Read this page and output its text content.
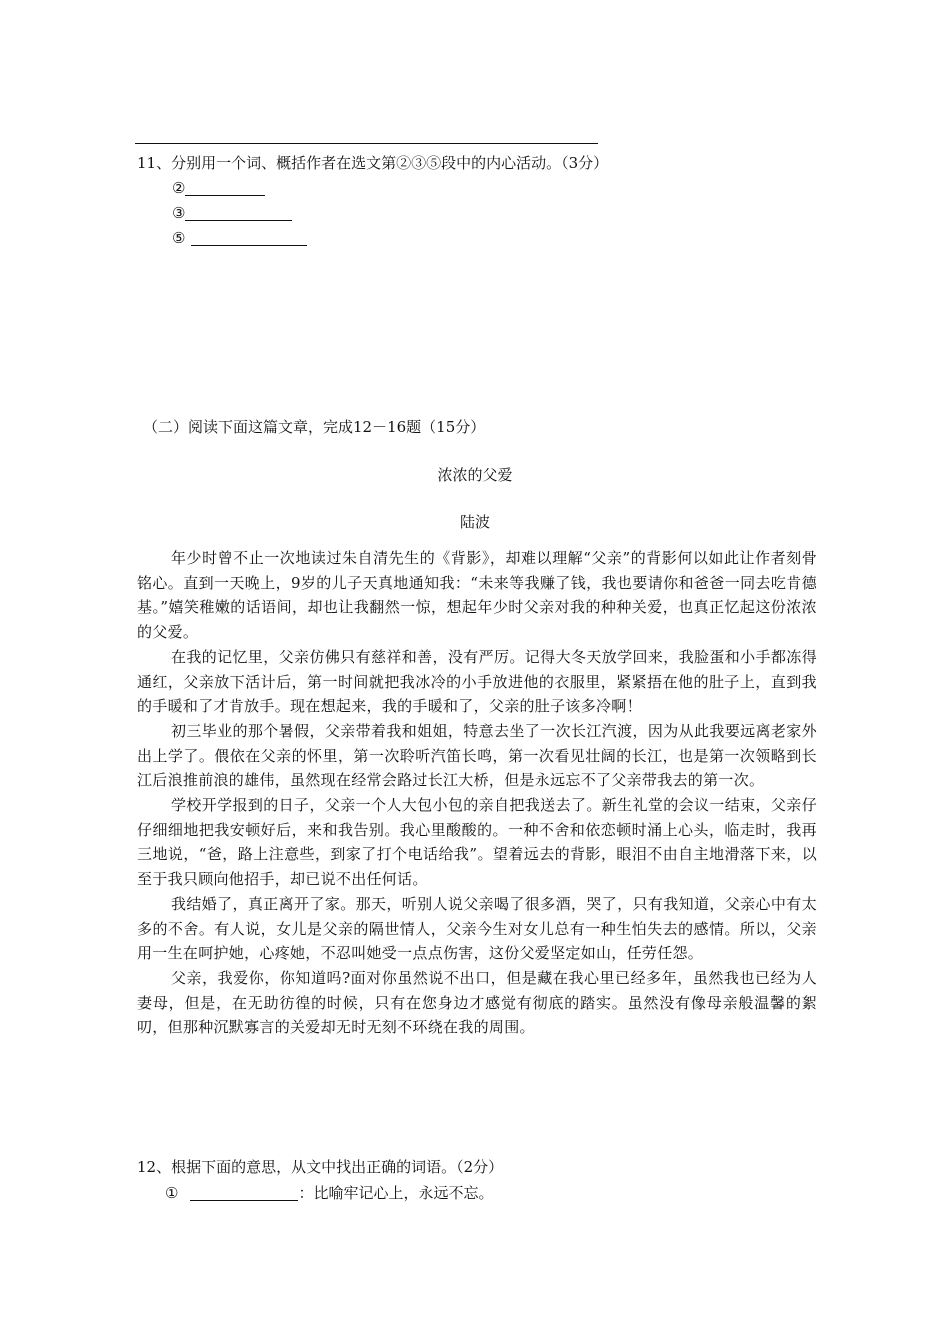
11、分别用一个词、概括作者在选文第②③⑤段中的内心活动。（3分）
②
③
⑤
（二）阅读下面这篇文章，完成12－16题（15分）
浓浓的父爱
陆波

年少时曾不止一次地读过朱自清先生的《背影》，却难以理解“父亲”的背影何以如此让作者刻骨铭心。直到一天晚上，9岁的儿子天真地通知我：“未来等我赚了钱，我也要请你和爸爸一同去吃肯德基。”嬉笑稚嫩的话语间，却也让我翻然一惊，想起年少时父亲对我的种种关爱，也真正忆起这份浓浓的父爱。

在我的记忆里，父亲仿佛只有慈祥和善，没有严厉。记得大冬天放学回来，我脸蛋和小手都冻得通红，父亲放下活计后，第一时间就把我冰冷的小手放进他的衣服里，紧紧捂在他的肚子上，直到我的手暖和了才肯放手。现在想起来，我的手暖和了，父亲的肚子该多冷啊！

初三毕业的那个暑假，父亲带着我和姐姐，特意去坐了一次长江汽渡，因为从此我要远离老家外出上学了。偎依在父亲的怀里，第一次聆听汽笛长鸣，第一次看见壮阔的长江，也是第一次领略到长江后浪推前浪的雄伟，虽然现在经常会路过长江大桥，但是永远忘不了父亲带我去的第一次。

学校开学报到的日子，父亲一个人大包小包的亲自把我送去了。新生礼堂的会议一结束，父亲仔仔细细地把我安顿好后，来和我告别。我心里酸酸的。一种不舍和依恋顿时涌上心头，临走时，我再三地说，“爸，路上注意些，到家了打个电话给我”。望着远去的背影，眼泪不由自主地滑落下来，以至于我只顾向他招手，却已说不出任何话。

我结婚了，真正离开了家。那天，听别人说父亲喝了很多酒，哭了，只有我知道，父亲心中有太多的不舍。有人说，女儿是父亲的隔世情人，父亲今生对女儿总有一种生怕失去的感情。所以，父亲用一生在呵护她，心疼她，不忍叫她受一点点伤害，这份父爱坚定如山，任劳任怨。

父亲，我爱你，你知道吗?面对你虽然说不出口，但是藏在我心里已经多年，虽然我也已经为人妻母，但是，在无助彷徨的时候，只有在您身边才感觉有彻底的踏实。虽然没有像母亲般温馨的絮叨，但那种沉默寡言的关爱却无时无刻不环绕在我的周围。

12、根据下面的意思，从文中找出正确的词语。（2分）
①	：比喻牢记心上，永远不忘。
